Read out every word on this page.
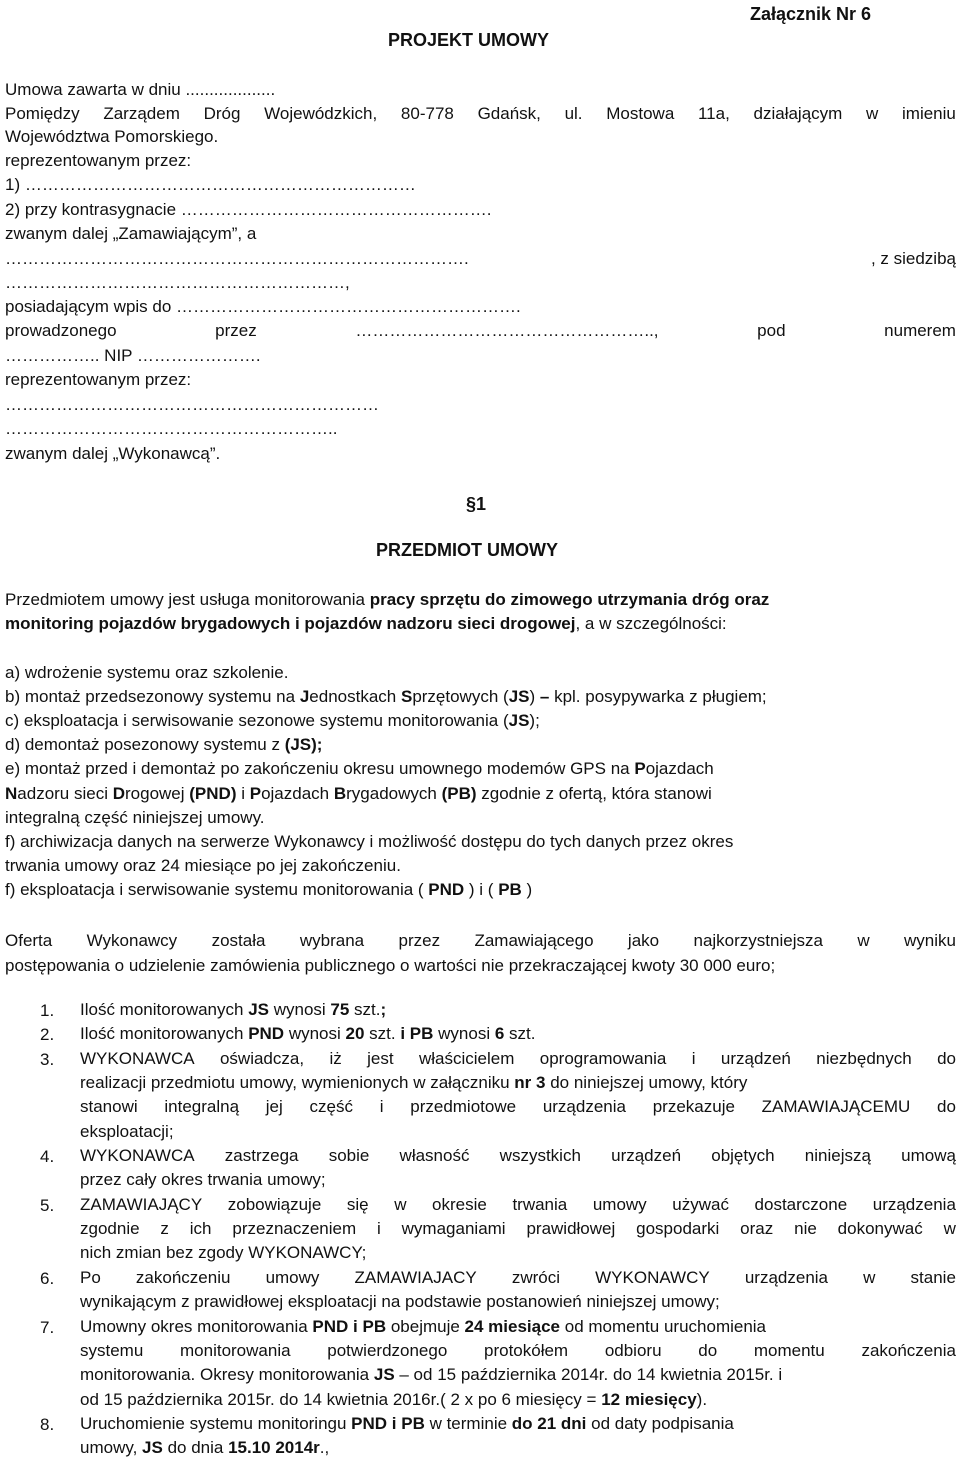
Załącznik Nr 6
PROJEKT UMOWY
Umowa zawarta w dniu ...................
Pomiędzy Zarządem Dróg Wojewódzkich, 80-778 Gdańsk, ul. Mostowa 11a, działającym w imieniu
Województwa Pomorskiego.
reprezentowanym przez:
1) ……………………………………………………………
2) przy kontrasygnacie ……………………………………………….
zwanym dalej „Zamawiającym”, a
……………………………………………………………………….	, z siedzibą
……………………………………………………,
posiadającym wpis do …………………………………………………….
prowadzonego	przez	……………………………………………..,	pod	numerem
…………….. NIP ………………….
reprezentowanym przez:
…………………………………………………………
…………………………………………………..
zwanym dalej „Wykonawcą”.
§1
PRZEDMIOT UMOWY
Przedmiotem umowy jest usługa monitorowania pracy sprzętu do zimowego utrzymania dróg oraz
monitoring pojazdów brygadowych i pojazdów nadzoru sieci drogowej, a w szczególności:
a) wdrożenie systemu oraz szkolenie.
b) montaż przedsezonowy systemu na Jednostkach Sprzętowych (JS) – kpl. posypywarka z pługiem;
c) eksploatacja i serwisowanie sezonowe systemu monitorowania (JS);
d) demontaż posezonowy systemu z (JS);
e) montaż przed i demontaż po zakończeniu okresu umownego modemów GPS na Pojazdach
Nadzoru sieci Drogowej (PND) i Pojazdach Brygadowych (PB) zgodnie z ofertą, która stanowi
integralną część niniejszej umowy.
f) archiwizacja danych na serwerze Wykonawcy i możliwość dostępu do tych danych przez okres
trwania umowy oraz 24 miesiące po jej zakończeniu.
f) eksploatacja i serwisowanie systemu monitorowania ( PND ) i ( PB )
Oferta Wykonawcy została wybrana przez Zamawiającego jako najkorzystniejsza w wyniku
postępowania o udzielenie zamówienia publicznego o wartości nie przekraczającej kwoty 30 000 euro;
1.	Ilość monitorowanych JS wynosi 75 szt.;
2.	Ilość monitorowanych PND wynosi 20 szt. i PB wynosi 6 szt.
3.	WYKONAWCA oświadcza, iż jest właścicielem oprogramowania i urządzeń niezbędnych do
realizacji przedmiotu umowy, wymienionych w załączniku nr 3 do niniejszej umowy, który
stanowi integralną jej część i przedmiotowe urządzenia przekazuje ZAMAWIAJĄCEMU do
eksploatacji;
4.	WYKONAWCA zastrzega sobie własność wszystkich urządzeń objętych niniejszą umową
przez cały okres trwania umowy;
5.	ZAMAWIAJĄCY zobowiązuje się w okresie trwania umowy używać dostarczone urządzenia
zgodnie z ich przeznaczeniem i wymaganiami prawidłowej gospodarki oraz nie dokonywać w
nich zmian bez zgody WYKONAWCY;
6.	Po zakończeniu umowy ZAMAWIAJACY zwróci WYKONAWCY urządzenia w stanie
wynikającym z prawidłowej eksploatacji na podstawie postanowień niniejszej umowy;
7.	Umowny okres monitorowania PND i PB obejmuje 24 miesiące od momentu uruchomienia
systemu monitorowania potwierdzonego protokółem odbioru do momentu zakończenia
monitorowania. Okresy monitorowania JS – od 15 października 2014r. do 14 kwietnia 2015r. i
od 15 października 2015r. do 14 kwietnia 2016r.( 2 x po 6 miesięcy = 12 miesięcy).
8.	Uruchomienie systemu monitoringu PND i PB w terminie do 21 dni od daty podpisania
umowy, JS do dnia 15.10 2014r.,
